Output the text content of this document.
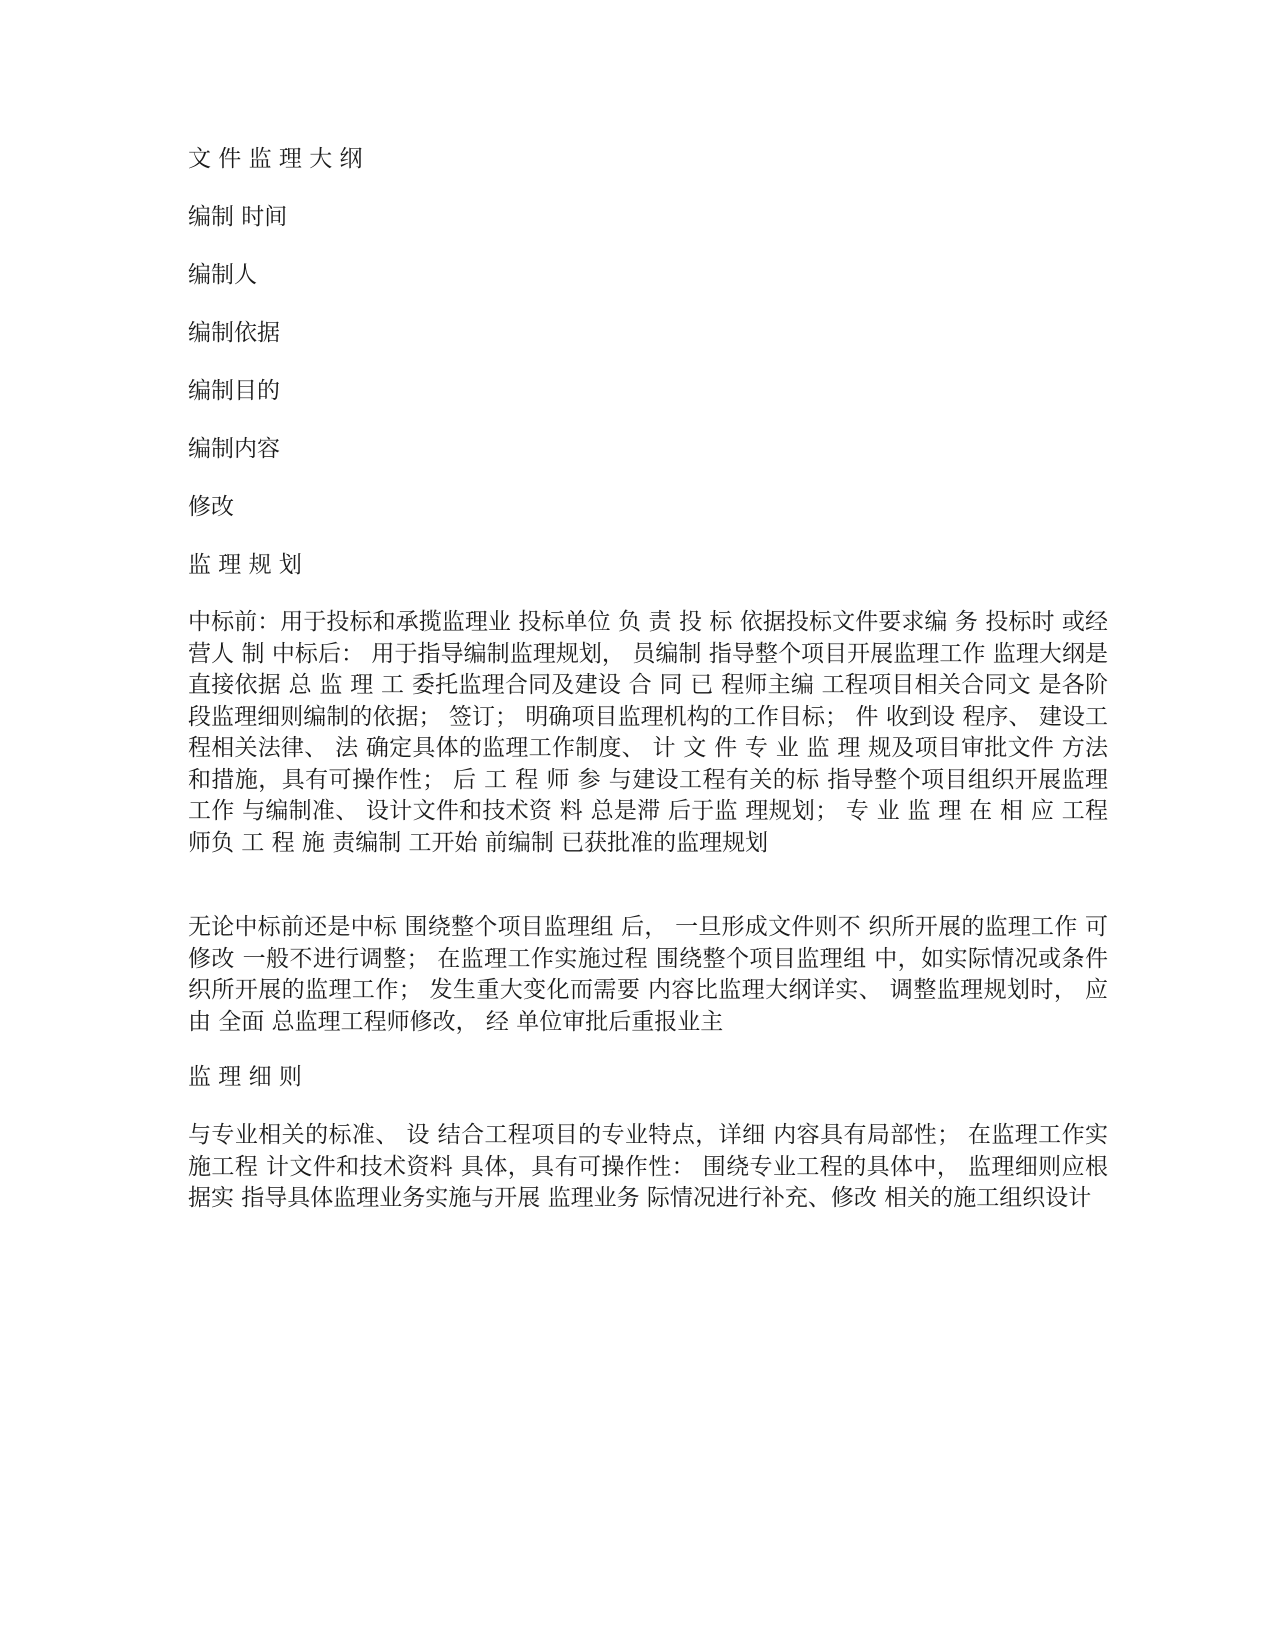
文 件 监 理 大 纲
编制 时间
编制人
编制依据
编制目的
编制内容
修改
监 理 规 划
中标前：用于投标和承揽监理业 投标单位 负 责 投 标 依据投标文件要求编 务 投标时 或经营人 制 中标后： 用于指导编制监理规划， 员编制 指导整个项目开展监理工作 监理大纲是直接依据 总 监 理 工 委托监理合同及建设 合 同 已 程师主编 工程项目相关合同文 是各阶段监理细则编制的依据； 签订； 明确项目监理机构的工作目标； 件 收到设 程序、 建设工程相关法律、 法 确定具体的监理工作制度、 计 文 件 专 业 监 理 规及项目审批文件 方法和措施，具有可操作性； 后 工 程 师 参 与建设工程有关的标 指导整个项目组织开展监理工作 与编制准、 设计文件和技术资 料 总是滞 后于监 理规划； 专 业 监 理 在 相 应 工程师负 工 程 施 责编制 工开始 前编制 已获批准的监理规划
无论中标前还是中标 围绕整个项目监理组 后， 一旦形成文件则不 织所开展的监理工作 可修改 一般不进行调整； 在监理工作实施过程 围绕整个项目监理组 中，如实际情况或条件 织所开展的监理工作； 发生重大变化而需要 内容比监理大纲详实、 调整监理规划时， 应由 全面 总监理工程师修改， 经 单位审批后重报业主
监 理 细 则
与专业相关的标准、 设 结合工程项目的专业特点，详细 内容具有局部性； 在监理工作实施工程 计文件和技术资料 具体，具有可操作性： 围绕专业工程的具体中， 监理细则应根据实 指导具体监理业务实施与开展 监理业务 际情况进行补充、修改 相关的施工组织设计
